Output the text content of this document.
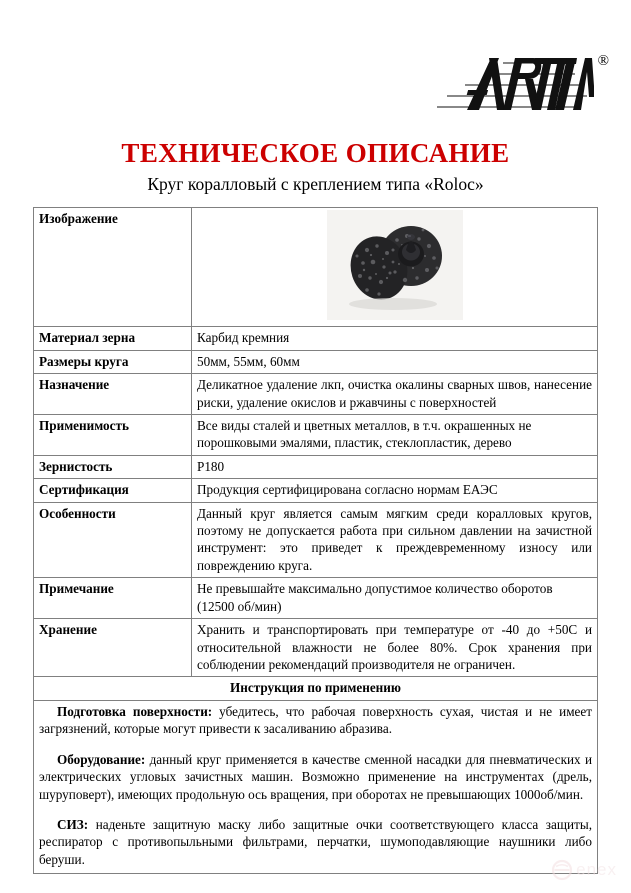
®
ТЕХНИЧЕСКОЕ ОПИСАНИЕ
Круг коралловый с креплением типа «Roloc»
Изображение	

Материал зерна	Карбид кремния
Размеры круга	50мм, 55мм, 60мм
Назначение	Деликатное удаление лкп, очистка окалины сварных швов, нанесение риски, удаление окислов и ржавчины с поверхностей
Применимость	Все виды сталей и цветных металлов, в т.ч. окрашенных не порошковыми эмалями, пластик, стеклопластик, дерево
Зернистость	P180
Сертификация	Продукция сертифицирована согласно нормам ЕАЭС
Особенности	Данный круг является самым мягким среди коралловых кругов, поэтому не допускается работа при сильном давлении на зачистной инструмент: это приведет к преждевременному износу или повреждению круга.
Примечание	Не превышайте максимально допустимое количество оборотов (12500 об/мин)
Хранение	Хранить и транспортировать при температуре от -40 до +50С и относительной влажности не более 80%. Срок хранения при соблюдении рекомендаций производителя не ограничен.
Инструкция по применению	

Подготовка поверхности: убедитесь, что рабочая поверхность сухая, чистая и не имеет загрязнений, которые могут привести к засаливанию абразива.

Оборудование: данный круг применяется в качестве сменной насадки для пневматических и электрических угловых зачистных машин. Возможно применение на инструментах (дрель, шуруповерт), имеющих продольную ось вращения, при оборотах не превышающих 1000об/мин.

СИЗ: наденьте защитную маску либо защитные очки соответствующего класса защиты, респиратор с противопыльными фильтрами, перчатки, шумоподавляющие наушники либо беруши.	

enex
